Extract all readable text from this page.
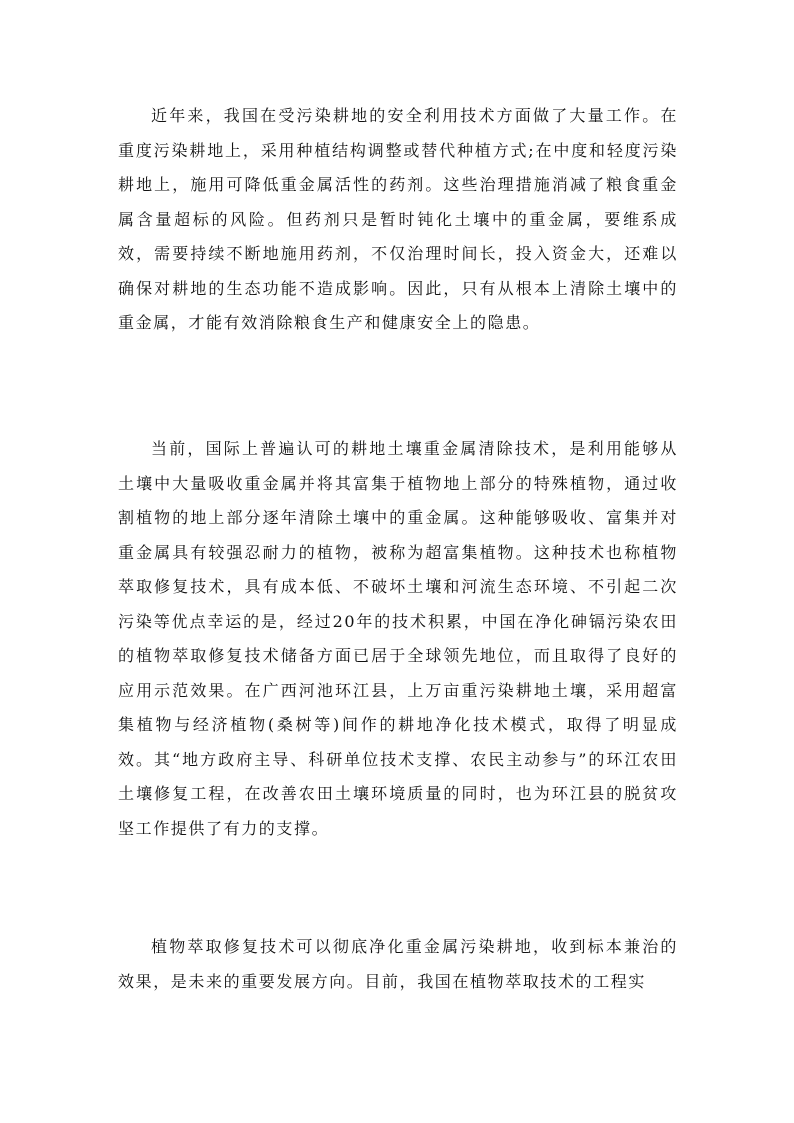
近年来，我国在受污染耕地的安全利用技术方面做了大量工作。在重度污染耕地上，采用种植结构调整或替代种植方式;在中度和轻度污染耕地上，施用可降低重金属活性的药剂。这些治理措施消减了粮食重金属含量超标的风险。但药剂只是暂时钝化土壤中的重金属，要维系成效，需要持续不断地施用药剂，不仅治理时间长，投入资金大，还难以确保对耕地的生态功能不造成影响。因此，只有从根本上清除土壤中的重金属，才能有效消除粮食生产和健康安全上的隐患。

当前，国际上普遍认可的耕地土壤重金属清除技术，是利用能够从土壤中大量吸收重金属并将其富集于植物地上部分的特殊植物，通过收割植物的地上部分逐年清除土壤中的重金属。这种能够吸收、富集并对重金属具有较强忍耐力的植物，被称为超富集植物。这种技术也称植物萃取修复技术，具有成本低、不破坏土壤和河流生态环境、不引起二次污染等优点幸运的是，经过20年的技术积累，中国在净化砷镉污染农田的植物萃取修复技术储备方面已居于全球领先地位，而且取得了良好的应用示范效果。在广西河池环江县，上万亩重污染耕地土壤，采用超富集植物与经济植物(桑树等)间作的耕地净化技术模式，取得了明显成效。其“地方政府主导、科研单位技术支撑、农民主动参与”的环江农田土壤修复工程，在改善农田土壤环境质量的同时，也为环江县的脱贫攻坚工作提供了有力的支撑。

植物萃取修复技术可以彻底净化重金属污染耕地，收到标本兼治的效果，是未来的重要发展方向。目前，我国在植物萃取技术的工程实
